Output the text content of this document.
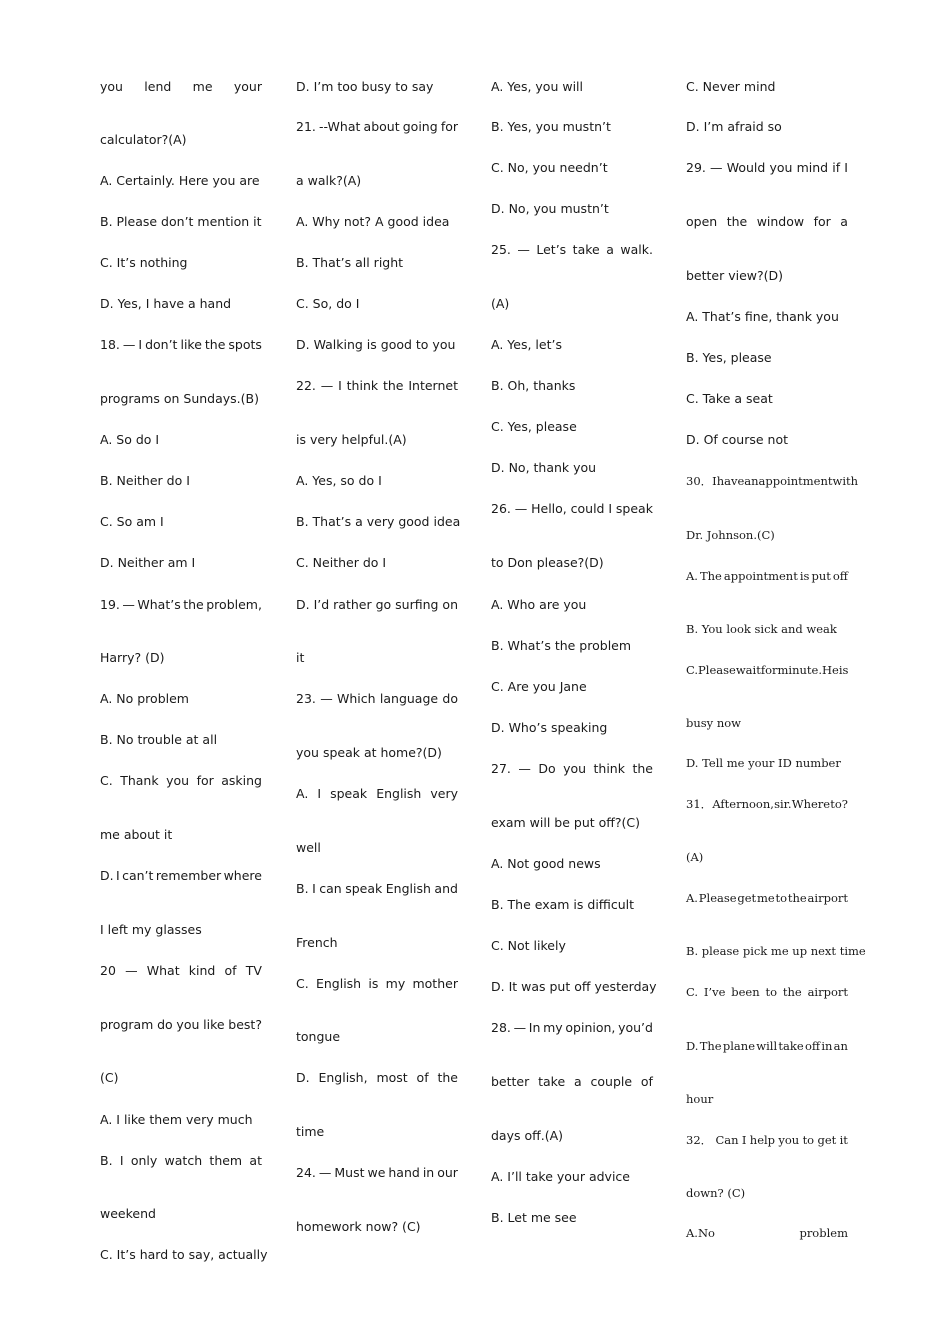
you lend me your
calculator?(A)
A. Certainly. Here you are
B. Please don’t mention it
C. It’s nothing
D. Yes, I have a hand
18. — I don’t like the spots
programs on Sundays.(B)
A. So do I
B. Neither do I
C. So am I
D. Neither am I
19. — What’s the problem,
Harry? (D)
A. No problem
B. No trouble at all
C. Thank you for asking
me about it
D. I can’t remember where
I left my glasses
20 — What kind of TV
program do you like best?
(C)
A. I like them very much
B. I only watch them at
weekend
C. It’s hard to say, actually
D. I’m too busy to say
21. --What about going for
a walk?(A)
A. Why not? A good idea
B. That’s all right
C. So, do I
D. Walking is good to you
22. — I think the Internet
is very helpful.(A)
A. Yes, so do I
B. That’s a very good idea
C. Neither do I
D. I’d rather go surfing on
it
23. — Which language do
you speak at home?(D)
A. I speak English very
well
B. I can speak English and
French
C. English is my mother
tongue
D. English, most of the
time
24. — Must we hand in our
homework now? (C)
A. Yes, you will
B. Yes, you mustn’t
C. No, you needn’t
D. No, you mustn’t
25. — Let’s take a walk.
(A)
A. Yes, let’s
B. Oh, thanks
C. Yes, please
D. No, thank you
26. — Hello, could I speak
to Don please?(D)
A. Who are you
B. What’s the problem
C. Are you Jane
D. Who’s speaking
27. — Do you think the
exam will be put off?(C)
A. Not good news
B. The exam is difficult
C. Not likely
D. It was put off yesterday
28. — In my opinion, you’d
better take a couple of
days off.(A)
A. I’ll take your advice
B. Let me see
C. Never mind
D. I’m afraid so
29. — Would you mind if I
open the window for a
better view?(D)
A. That’s fine, thank you
B. Yes, please
C. Take a seat
D. Of course not
30． I have an appointment with
Dr. Johnson.(C)
A. The appointment is put off
B. You look sick and weak
C. Please wait for minute. He is
busy now
D. Tell me your ID number
31． Afternoon, sir. Where to?
(A)
A. Please get me to the airport
B. please pick me up next time
C. I’ve been to the airport
D. The plane will take off in an
hour
32． Can I help you to get it
down? (C)
A.No	problem
